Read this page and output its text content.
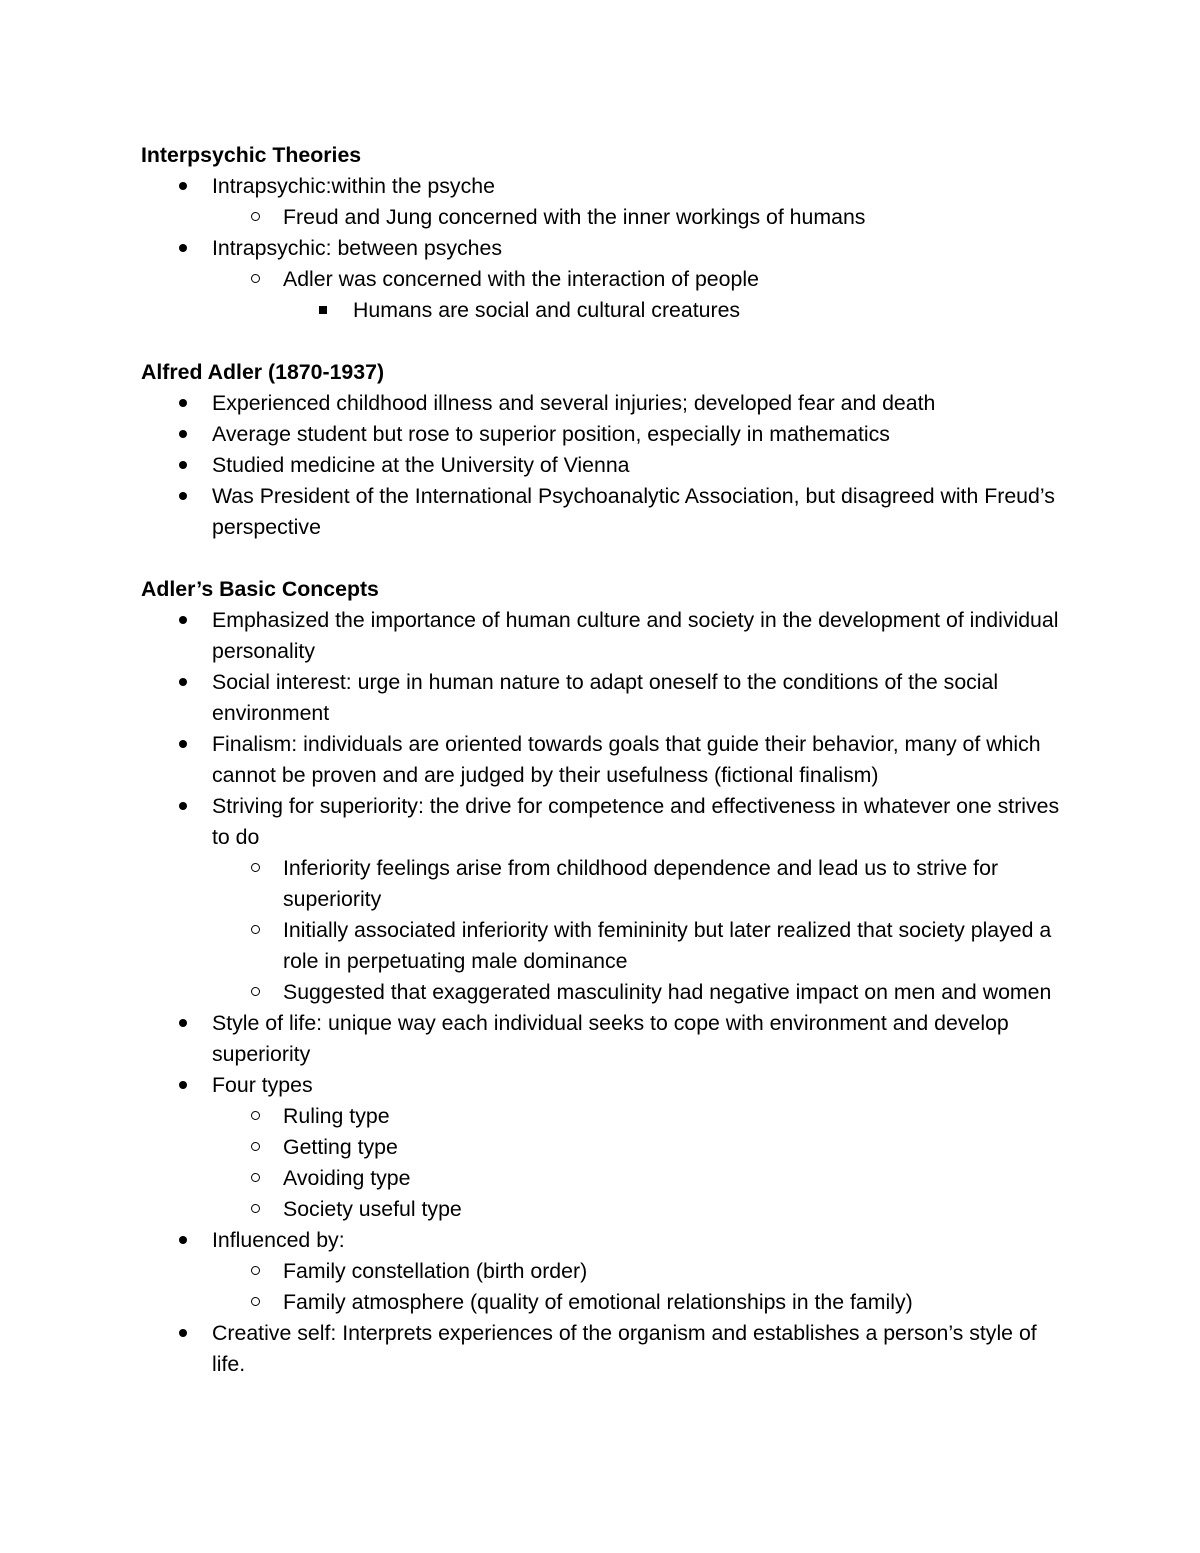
Interpsychic Theories
Intrapsychic:within the psyche
Freud and Jung concerned with the inner workings of humans
Intrapsychic: between psyches
Adler was concerned with the interaction of people
Humans are social and cultural creatures
Alfred Adler (1870-1937)
Experienced childhood illness and several injuries; developed fear and death
Average student but rose to superior position, especially in mathematics
Studied medicine at the University of Vienna
Was President of the International Psychoanalytic Association, but disagreed with Freud’s perspective
Adler’s Basic Concepts
Emphasized the importance of human culture and society in the development of individual personality
Social interest: urge in human nature to adapt oneself to the conditions of the social environment
Finalism: individuals are oriented towards goals that guide their behavior, many of which cannot be proven and are judged by their usefulness (fictional finalism)
Striving for superiority: the drive for competence and effectiveness in whatever one strives to do
Inferiority feelings arise from childhood dependence and lead us to strive for superiority
Initially associated inferiority with femininity but later realized that society played a role in perpetuating male dominance
Suggested that exaggerated masculinity had negative impact on men and women
Style of life: unique way each individual seeks to cope with environment and develop superiority
Four types
Ruling type
Getting type
Avoiding type
Society useful type
Influenced by:
Family constellation (birth order)
Family atmosphere (quality of emotional relationships in the family)
Creative self: Interprets experiences of the organism and establishes a person’s style of life.
